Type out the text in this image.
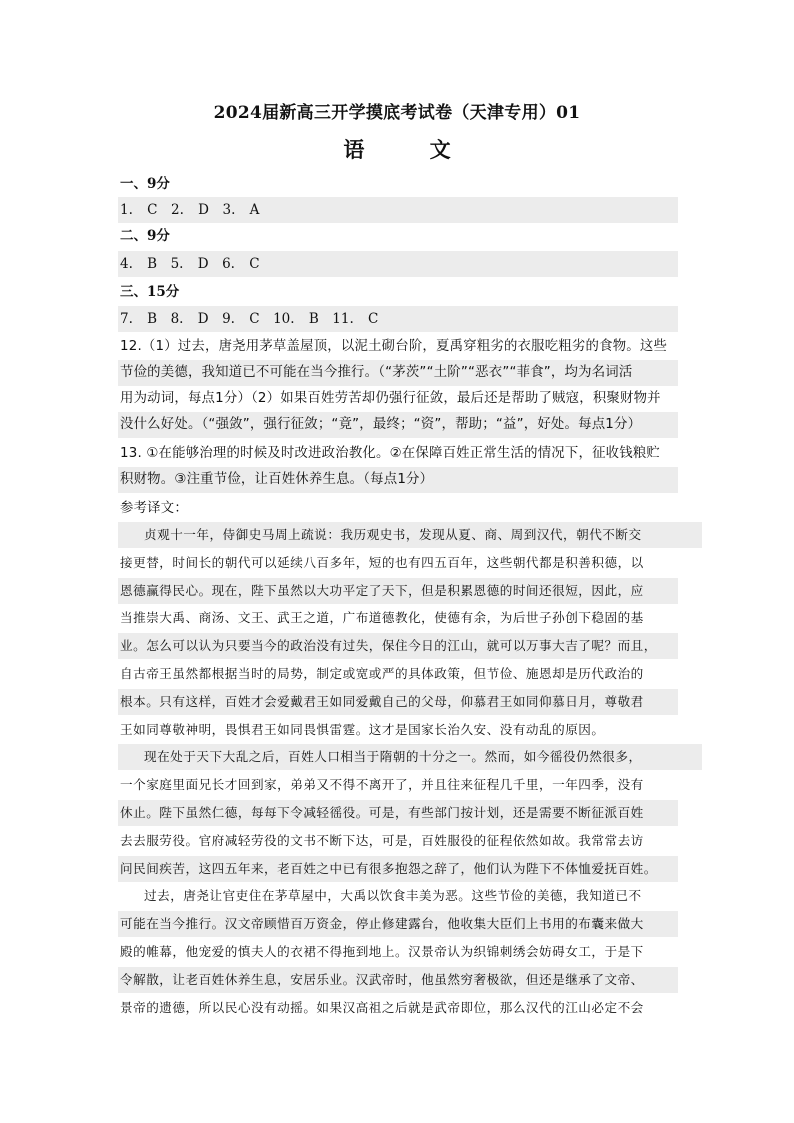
2024届新高三开学摸底考试卷（天津专用）01
语 文
一、9分
1. C　2. D　3. A
二、9分
4. B　5. D　6. C
三、15分
7. B　8. D　9. C　10. B　11. C
12.（1）过去，唐尧用茅草盖屋顶，以泥土砌台阶，夏禹穿粗劣的衣服吃粗劣的食物。这些
节俭的美德，我知道已不可能在当今推行。（“茅茨”“土阶”“恶衣”“菲食”，均为名词活
用为动词，每点1分）（2）如果百姓劳苦却仍强行征敛，最后还是帮助了贼寇，积聚财物并
没什么好处。（“强敛”，强行征敛；“竟”，最终；“资”，帮助；“益”，好处。每点1分）
13. ①在能够治理的时候及时改进政治教化。②在保障百姓正常生活的情况下，征收钱粮贮
积财物。③注重节俭，让百姓休养生息。（每点1分）
参考译文：
贞观十一年，侍御史马周上疏说：我历观史书，发现从夏、商、周到汉代，朝代不断交
接更替，时间长的朝代可以延续八百多年，短的也有四五百年，这些朝代都是积善积德，以
恩德赢得民心。现在，陛下虽然以大功平定了天下，但是积累恩德的时间还很短，因此，应
当推崇大禹、商汤、文王、武王之道，广布道德教化，使德有余，为后世子孙创下稳固的基
业。怎么可以认为只要当今的政治没有过失，保住今日的江山，就可以万事大吉了呢？而且，
自古帝王虽然都根据当时的局势，制定或宽或严的具体政策，但节俭、施恩却是历代政治的
根本。只有这样，百姓才会爱戴君王如同爱戴自己的父母，仰慕君王如同仰慕日月，尊敬君
王如同尊敬神明，畏惧君王如同畏惧雷霆。这才是国家长治久安、没有动乱的原因。
现在处于天下大乱之后，百姓人口相当于隋朝的十分之一。然而，如今徭役仍然很多，
一个家庭里面兄长才回到家，弟弟又不得不离开了，并且往来征程几千里，一年四季，没有
休止。陛下虽然仁德，每每下令减轻徭役。可是，有些部门按计划，还是需要不断征派百姓
去去服劳役。官府减轻劳役的文书不断下达，可是，百姓服役的征程依然如故。我常常去访
问民间疾苦，这四五年来，老百姓之中已有很多抱怨之辞了，他们认为陛下不体恤爱抚百姓。
过去，唐尧让官吏住在茅草屋中，大禹以饮食丰美为恶。这些节俭的美德，我知道已不
可能在当今推行。汉文帝顾惜百万资金，停止修建露台，他收集大臣们上书用的布囊来做大
殿的帷幕，他宠爱的慎夫人的衣裙不得拖到地上。汉景帝认为织锦刺绣会妨碍女工，于是下
令解散，让老百姓休养生息，安居乐业。汉武帝时，他虽然穷奢极欲，但还是继承了文帝、
景帝的遗德，所以民心没有动摇。如果汉高祖之后就是武帝即位，那么汉代的江山必定不会
